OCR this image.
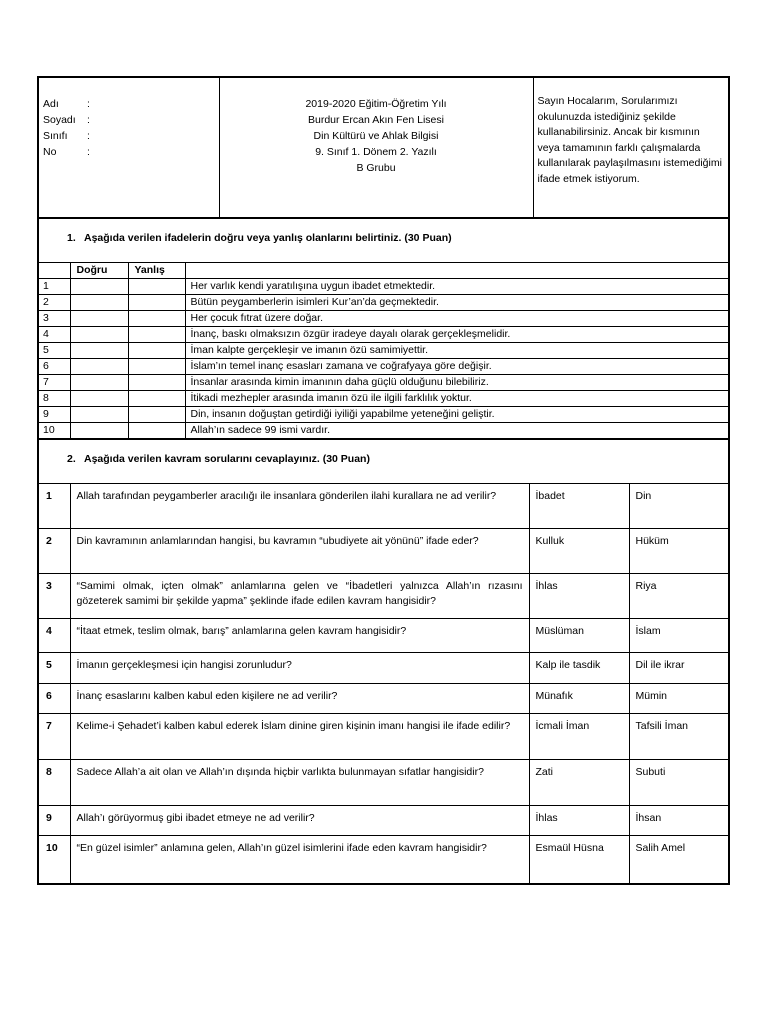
Adı	:
Soyadı	:
Sınıfı	:
No	:

2019-2020 Eğitim-Öğretim Yılı
Burdur Ercan Akın Fen Lisesi
Din Kültürü ve Ahlak Bilgisi
9. Sınıf 1. Dönem 2. Yazılı
B Grubu
	Sayın Hocalarım, Sorularımızı okulunuzda istediğiniz şekilde kullanabilirsiniz. Ancak bir kısmının veya tamamının farklı çalışmalarda kullanılarak paylaşılmasını istemediğimi ifade etmek istiyorum.
1. Aşağıda verilen ifadelerin doğru veya yanlış olanlarını belirtiniz. (30 Puan)
	Doğru	Yanlış	
1			Her varlık kendi yaratılışına uygun ibadet etmektedir.
2			Bütün peygamberlerin isimleri Kur’an’da geçmektedir.
3			Her çocuk fıtrat üzere doğar.
4			İnanç, baskı olmaksızın özgür iradeye dayalı olarak gerçekleşmelidir.
5			İman kalpte gerçekleşir ve imanın özü samimiyettir.
6			İslam’ın temel inanç esasları zamana ve coğrafyaya göre değişir.
7			İnsanlar arasında kimin imanının daha güçlü olduğunu bilebiliriz.
8			İtikadi mezhepler arasında imanın özü ile ilgili farklılık yoktur.
9			Din, insanın doğuştan getirdiği iyiliği yapabilme yeteneğini geliştir.
10			Allah’ın sadece 99 ismi vardır.
2. Aşağıda verilen kavram sorularını cevaplayınız. (30 Puan)
1	Allah tarafından peygamberler aracılığı ile insanlara gönderilen ilahi kurallara ne ad verilir?	İbadet	Din
2	Din kavramının anlamlarından hangisi, bu kavramın “ubudiyete ait yönünü” ifade eder?	Kulluk	Hüküm
3	“Samimi olmak, içten olmak” anlamlarına gelen ve “İbadetleri yalnızca Allah’ın rızasını gözeterek samimi bir şekilde yapma” şeklinde ifade edilen kavram hangisidir?	İhlas	Riya
4	“İtaat etmek, teslim olmak, barış” anlamlarına gelen kavram hangisidir?	Müslüman	İslam
5	İmanın gerçekleşmesi için hangisi zorunludur?	Kalp ile tasdik	Dil ile ikrar
6	İnanç esaslarını kalben kabul eden kişilere ne ad verilir?	Münafık	Mümin
7	Kelime-i Şehadet’i kalben kabul ederek İslam dinine giren kişinin imanı hangisi ile ifade edilir?	İcmali İman	Tafsili İman
8	Sadece Allah’a ait olan ve Allah’ın dışında hiçbir varlıkta bulunmayan sıfatlar hangisidir?	Zati	Subuti
9	Allah’ı görüyormuş gibi ibadet etmeye ne ad verilir?	İhlas	İhsan
10	“En güzel isimler” anlamına gelen, Allah’ın güzel isimlerini ifade eden kavram hangisidir?	Esmaül Hüsna	Salih Amel
